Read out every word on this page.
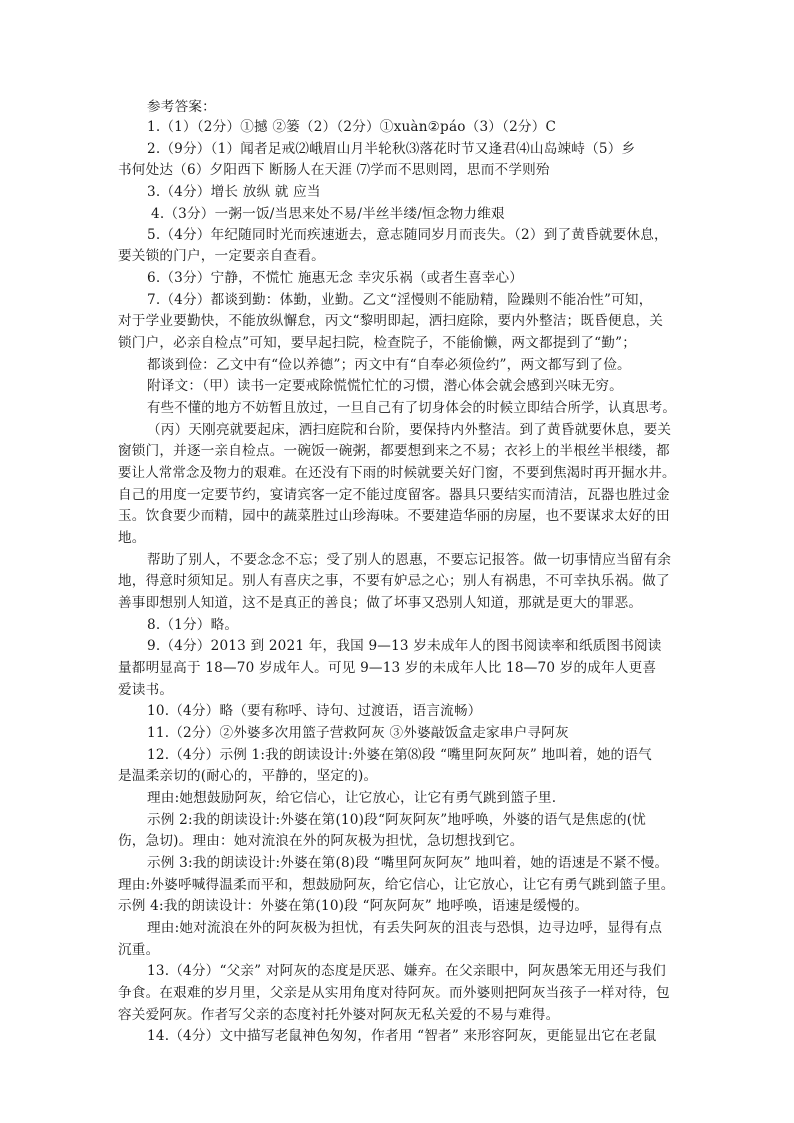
参考答案：
1.（1）（2分）①撼 ②篓（2）（2分）①xuàn②páo（3）（2分）C
2.（9分）（1）闻者足戒⑵峨眉山月半轮秋⑶落花时节又逢君⑷山岛竦峙（5）乡
书何处达（6）夕阳西下 断肠人在天涯 ⑺学而不思则罔，思而不学则殆
3.（4分）增长 放纵 就 应当
4.（3分）一粥一饭/当思来处不易/半丝半缕/恒念物力维艰
5.（4分）年纪随同时光而疾速逝去，意志随同岁月而丧失。（2）到了黄昏就要休息，
要关锁的门户，一定要亲自查看。
6.（3分）宁静，不慌忙 施惠无念 幸灾乐祸（或者生喜幸心）
7.（4分）都谈到勤：体勤，业勤。乙文“淫慢则不能励精，险躁则不能冶性”可知，
对于学业要勤快，不能放纵懈怠，丙文“黎明即起，洒扫庭除，要内外整洁；既昏便息，关
锁门户，必亲自检点”可知，要早起扫院，检查院子，不能偷懒，两文都提到了“勤”；
都谈到俭：乙文中有“俭以养德”；丙文中有“自奉必须俭约”，两文都写到了俭。
附译文：（甲）读书一定要戒除慌慌忙忙的习惯，潜心体会就会感到兴味无穷。
有些不懂的地方不妨暂且放过，一旦自己有了切身体会的时候立即结合所学，认真思考。
（丙）天刚亮就要起床，洒扫庭院和台阶，要保持内外整洁。到了黄昏就要休息，要关
窗锁门，并逐一亲自检点。一碗饭一碗粥，都要想到来之不易；衣衫上的半根丝半根缕，都
要让人常常念及物力的艰难。在还没有下雨的时候就要关好门窗，不要到焦渴时再开掘水井。
自己的用度一定要节约，宴请宾客一定不能过度留客。器具只要结实而清洁，瓦器也胜过金
玉。饮食要少而精，园中的蔬菜胜过山珍海味。不要建造华丽的房屋，也不要谋求太好的田
地。
帮助了别人，不要念念不忘；受了别人的恩惠，不要忘记报答。做一切事情应当留有余
地，得意时须知足。别人有喜庆之事，不要有妒忌之心；别人有祸患，不可幸执乐祸。做了
善事即想别人知道，这不是真正的善良；做了坏事又恐别人知道，那就是更大的罪恶。
8.（1分）略。
9.（4分）2013 到 2021 年，我国 9—13 岁未成年人的图书阅读率和纸质图书阅读
量都明显高于 18—70 岁成年人。可见 9—13 岁的未成年人比 18—70 岁的成年人更喜
爱读书。
10.（4分）略（要有称呼、诗句、过渡语，语言流畅）
11.（2分）②外婆多次用篮子营救阿灰 ③外婆敲饭盒走家串户寻阿灰
12.（4分）示例 1:我的朗读设计:外婆在第⑻段 “嘴里阿灰阿灰” 地叫着，她的语气
是温柔亲切的(耐心的，平静的，坚定的)。
理由:她想鼓励阿灰，给它信心，让它放心，让它有勇气跳到篮子里.
示例 2:我的朗读设计:外婆在第(10)段“阿灰阿灰”地呼唤，外婆的语气是焦虑的(忧
伤，急切)。理由：她对流浪在外的阿灰极为担忧，急切想找到它。
示例 3:我的朗读设计:外婆在第(8)段 “嘴里阿灰阿灰” 地叫着，她的语速是不紧不慢。
理由:外婆呼喊得温柔而平和，想鼓励阿灰，给它信心，让它放心，让它有勇气跳到篮子里。
示例 4:我的朗读设计：外婆在第(10)段 “阿灰阿灰” 地呼唤，语速是缓慢的。
理由:她对流浪在外的阿灰极为担忧，有丢失阿灰的沮丧与恐惧，边寻边呼，显得有点
沉重。
13.（4分）“父亲” 对阿灰的态度是厌恶、嫌弃。在父亲眼中，阿灰愚笨无用还与我们
争食。在艰难的岁月里，父亲是从实用角度对待阿灰。而外婆则把阿灰当孩子一样对待，包
容关爱阿灰。作者写父亲的态度衬托外婆对阿灰无私关爱的不易与难得。
14.（4分）文中描写老鼠神色匆匆，作者用 “智者” 来形容阿灰，更能显出它在老鼠
